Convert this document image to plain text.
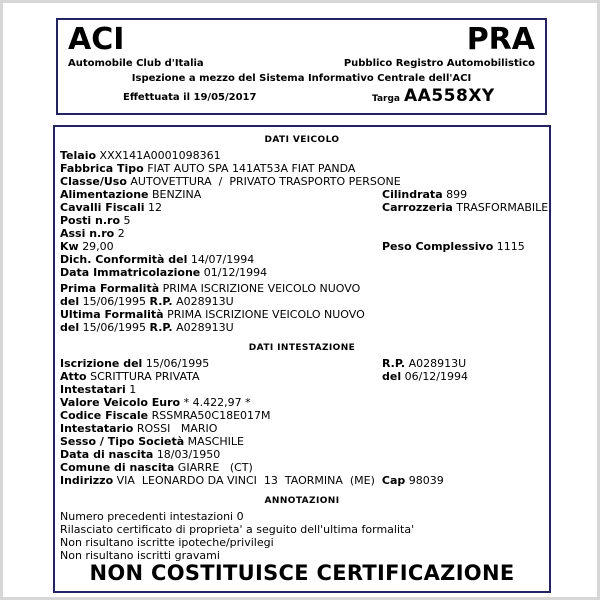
ACI
Automobile Club d'Italia
PRA
Pubblico Registro Automobilistico
Ispezione a mezzo del Sistema Informativo Centrale dell'ACI
Effettuata il 19/05/2017	Targa AA558XY
DATI VEICOLO
Telaio XXX141A0001098361
Fabbrica Tipo FIAT AUTO SPA 141AT53A FIAT PANDA
Classe/Uso AUTOVETTURA  /  PRIVATO TRASPORTO PERSONE
Alimentazione BENZINA	Cilindrata 899
Cavalli Fiscali 12	Carrozzeria TRASFORMABILE
Posti n.ro 5
Assi n.ro 2
Kw 29,00	Peso Complessivo 1115
Dich. Conformità del 14/07/1994
Data Immatricolazione 01/12/1994
Prima Formalità PRIMA ISCRIZIONE VEICOLO NUOVO
del 15/06/1995 R.P. A028913U
Ultima Formalità PRIMA ISCRIZIONE VEICOLO NUOVO
del 15/06/1995 R.P. A028913U
DATI INTESTAZIONE
Iscrizione del 15/06/1995	R.P. A028913U
Atto SCRITTURA PRIVATA	del 06/12/1994
Intestatari 1
Valore Veicolo Euro * 4.422,97 *
Codice Fiscale RSSMRA50C18E017M
Intestatario ROSSI   MARIO
Sesso / Tipo Società MASCHILE
Data di nascita 18/03/1950
Comune di nascita GIARRE   (CT)
Indirizzo VIA  LEONARDO DA VINCI  13  TAORMINA  (ME) Cap 98039
ANNOTAZIONI
Numero precedenti intestazioni 0
Rilasciato certificato di proprieta' a seguito dell'ultima formalita'
Non risultano iscritte ipoteche/privilegi
Non risultano iscritti gravami
NON COSTITUISCE CERTIFICAZIONE
